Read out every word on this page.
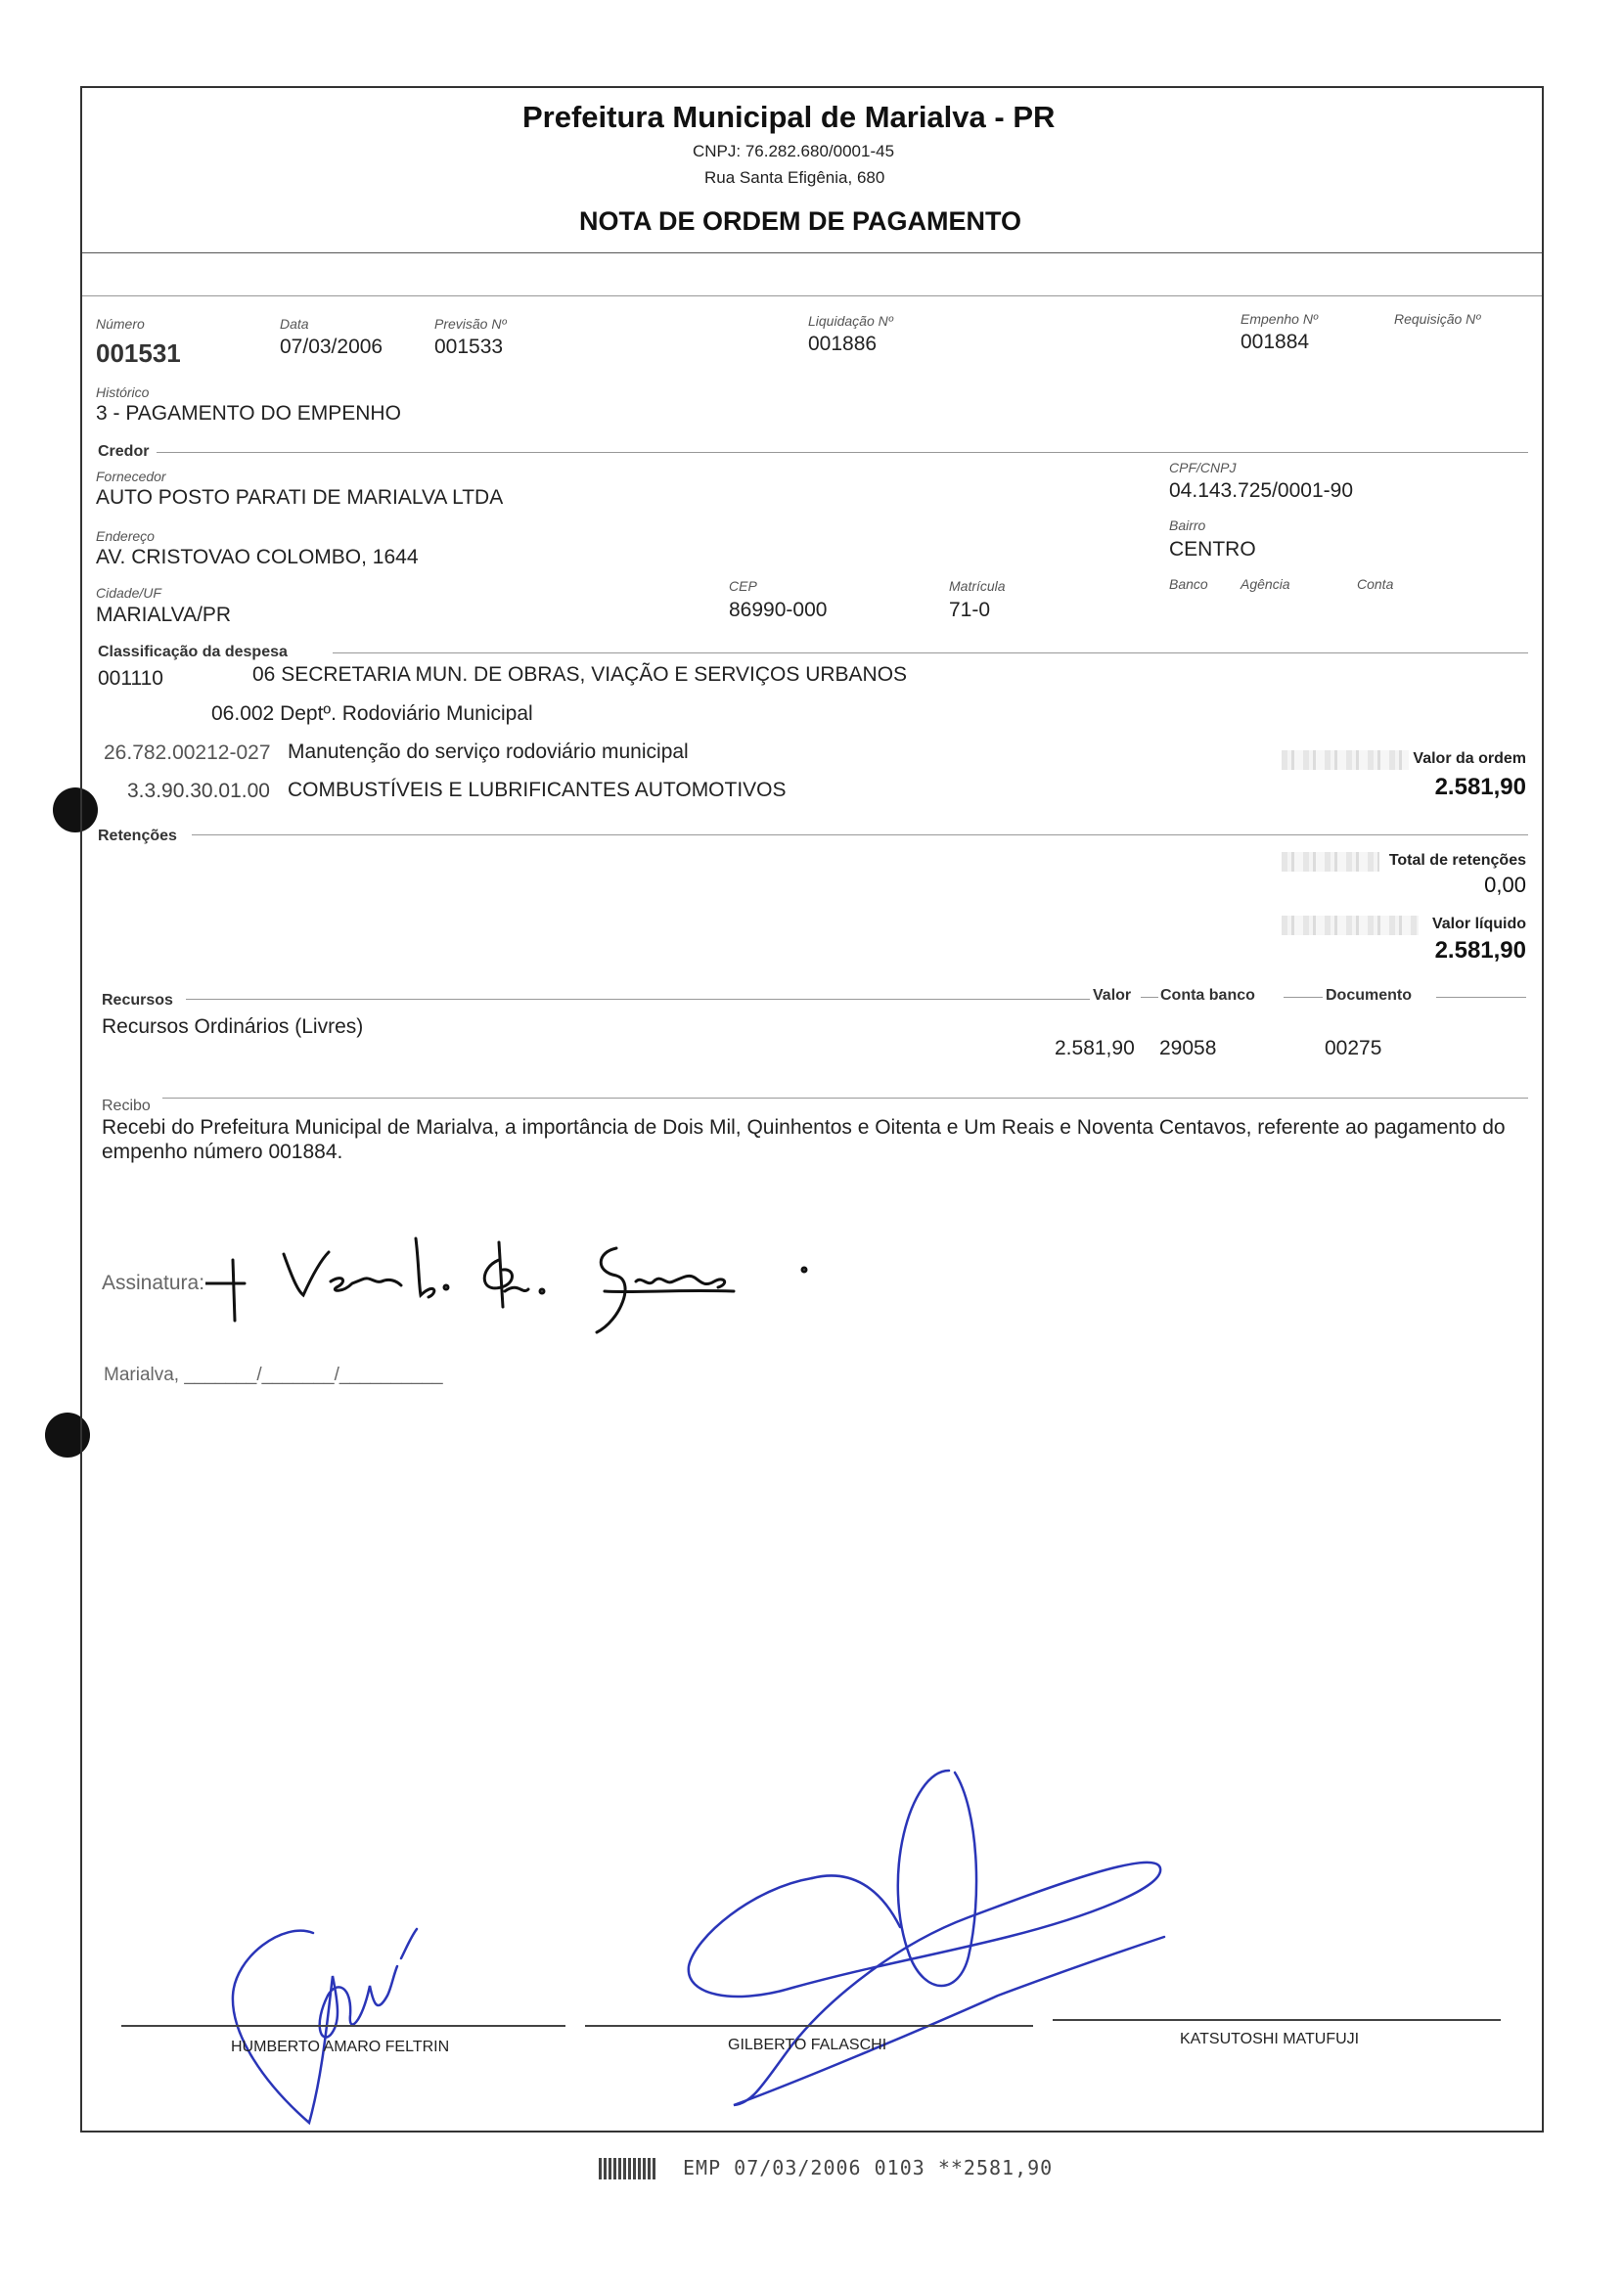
Prefeitura Municipal de Marialva - PR
CNPJ: 76.282.680/0001-45
Rua Santa Efigênia, 680
NOTA DE ORDEM DE PAGAMENTO
Número
001531
Data
07/03/2006
Previsão Nº
001533
Liquidação Nº
001886
Empenho Nº
001884
Requisição Nº
Histórico
3 - PAGAMENTO DO EMPENHO
Credor
Fornecedor
AUTO POSTO PARATI DE MARIALVA LTDA
CPF/CNPJ
04.143.725/0001-90
Endereço
AV. CRISTOVAO COLOMBO, 1644
Bairro
CENTRO
Cidade/UF
MARIALVA/PR
CEP
86990-000
Matrícula
71-0
Banco Agência	Conta
Classificação da despesa
001110	06 SECRETARIA MUN. DE OBRAS, VIAÇÃO E SERVIÇOS URBANOS
06.002 Deptº. Rodoviário Municipal
26.782.00212-027 Manutenção do serviço rodoviário municipal
3.3.90.30.01.00 COMBUSTÍVEIS E LUBRIFICANTES AUTOMOTIVOS
Valor da ordem
2.581,90
Retenções
Total de retenções
0,00
Valor líquido
2.581,90
Recursos	Valor Conta banco	Documento
Recursos Ordinários (Livres)
2.581,90 29058	00275
Recibo
Recebi do Prefeitura Municipal de Marialva, a importância de Dois Mil, Quinhentos e Oitenta e Um Reais e Noventa Centavos, referente ao pagamento do empenho número 001884.
Assinatura:
Marialva, _______/_______/__________
HUMBERTO AMARO FELTRIN	GILBERTO FALASCHI	KATSUTOSHI MATUFUJI
EMP 07/03/2006 0103 **2581,90
